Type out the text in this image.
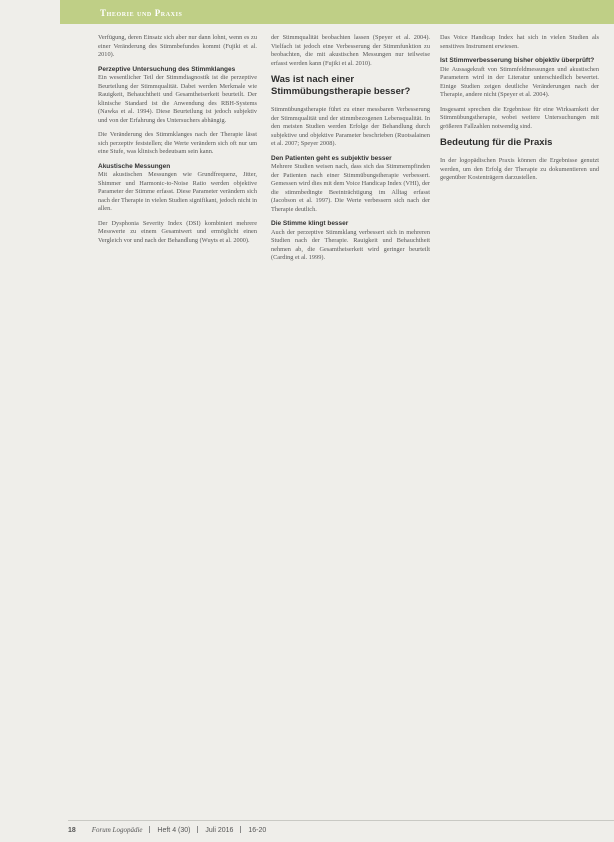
Theorie und Praxis

Verfügung, deren Einsatz sich aber nur dann lohnt, wenn es zu einer Veränderung des Stimmbefundes kommt (Fujiki et al. 2010).

Perzeptive Untersuchung des Stimmklanges

Ein wesentlicher Teil der Stimmdiagnostik ist die perzeptive Beurteilung der Stimmqualität. Dabei werden Merkmale wie Rauigkeit, Behauchtheit und Gesamtheiserkeit beurteilt. Der klinische Standard ist die Anwendung des RBH-Systems (Nawka et al. 1994). Diese Beurteilung ist jedoch subjektiv und von der Erfahrung des Untersuchers abhängig.

Die Veränderung des Stimmklanges nach der Therapie lässt sich perzeptiv feststellen; die Werte verändern sich oft nur um eine Stufe, was klinisch bedeutsam sein kann.

Akustische Messungen

Mit akustischen Messungen wie Grundfrequenz, Jitter, Shimmer und Harmonic-to-Noise Ratio werden objektive Parameter der Stimme erfasst. Diese Parameter verändern sich nach der Therapie in vielen Studien signifikant, jedoch nicht in allen.

Der Dysphonia Severity Index (DSI) kombiniert mehrere Messwerte zu einem Gesamtwert und ermöglicht einen Vergleich vor und nach der Behandlung (Wuyts et al. 2000).

der Stimmqualität beobachten lassen (Speyer et al. 2004). Vielfach ist jedoch eine Verbesserung der Stimmfunktion zu beobachten, die mit akustischen Messungen nur teilweise erfasst werden kann (Fujiki et al. 2010).

Was ist nach einer Stimmübungstherapie besser?

Stimmübungstherapie führt zu einer messbaren Verbesserung der Stimmqualität und der stimmbezogenen Lebensqualität. In den meisten Studien werden Erfolge der Behandlung durch subjektive und objektive Parameter beschrieben (Ruotsalainen et al. 2007; Speyer 2008).

Den Patienten geht es subjektiv besser

Mehrere Studien weisen nach, dass sich das Stimmempfinden der Patienten nach einer Stimmübungstherapie verbessert. Gemessen wird dies mit dem Voice Handicap Index (VHI), der die stimmbedingte Beeinträchtigung im Alltag erfasst (Jacobson et al. 1997). Die Werte verbessern sich nach der Therapie deutlich.

Die Stimme klingt besser

Auch der perzeptive Stimmklang verbessert sich in mehreren Studien nach der Therapie. Rauigkeit und Behauchtheit nehmen ab, die Gesamtheiserkeit wird geringer beurteilt (Carding et al. 1999).

Das Voice Handicap Index hat sich in vielen Studien als sensitives Instrument erwiesen.

Ist Stimmverbesserung bisher objektiv überprüft?

Die Aussagekraft von Stimmfeldmessungen und akustischen Parametern wird in der Literatur unterschiedlich bewertet. Einige Studien zeigen deutliche Veränderungen nach der Therapie, andere nicht (Speyer et al. 2004).

Insgesamt sprechen die Ergebnisse für eine Wirksamkeit der Stimmübungstherapie, wobei weitere Untersuchungen mit größeren Fallzahlen notwendig sind.

Bedeutung für die Praxis

In der logopädischen Praxis können die Ergebnisse genutzt werden, um den Erfolg der Therapie zu dokumentieren und gegenüber Kostenträgern darzustellen.

18 Forum Logopädie Heft 4 (30) Juli 2016 16-20
